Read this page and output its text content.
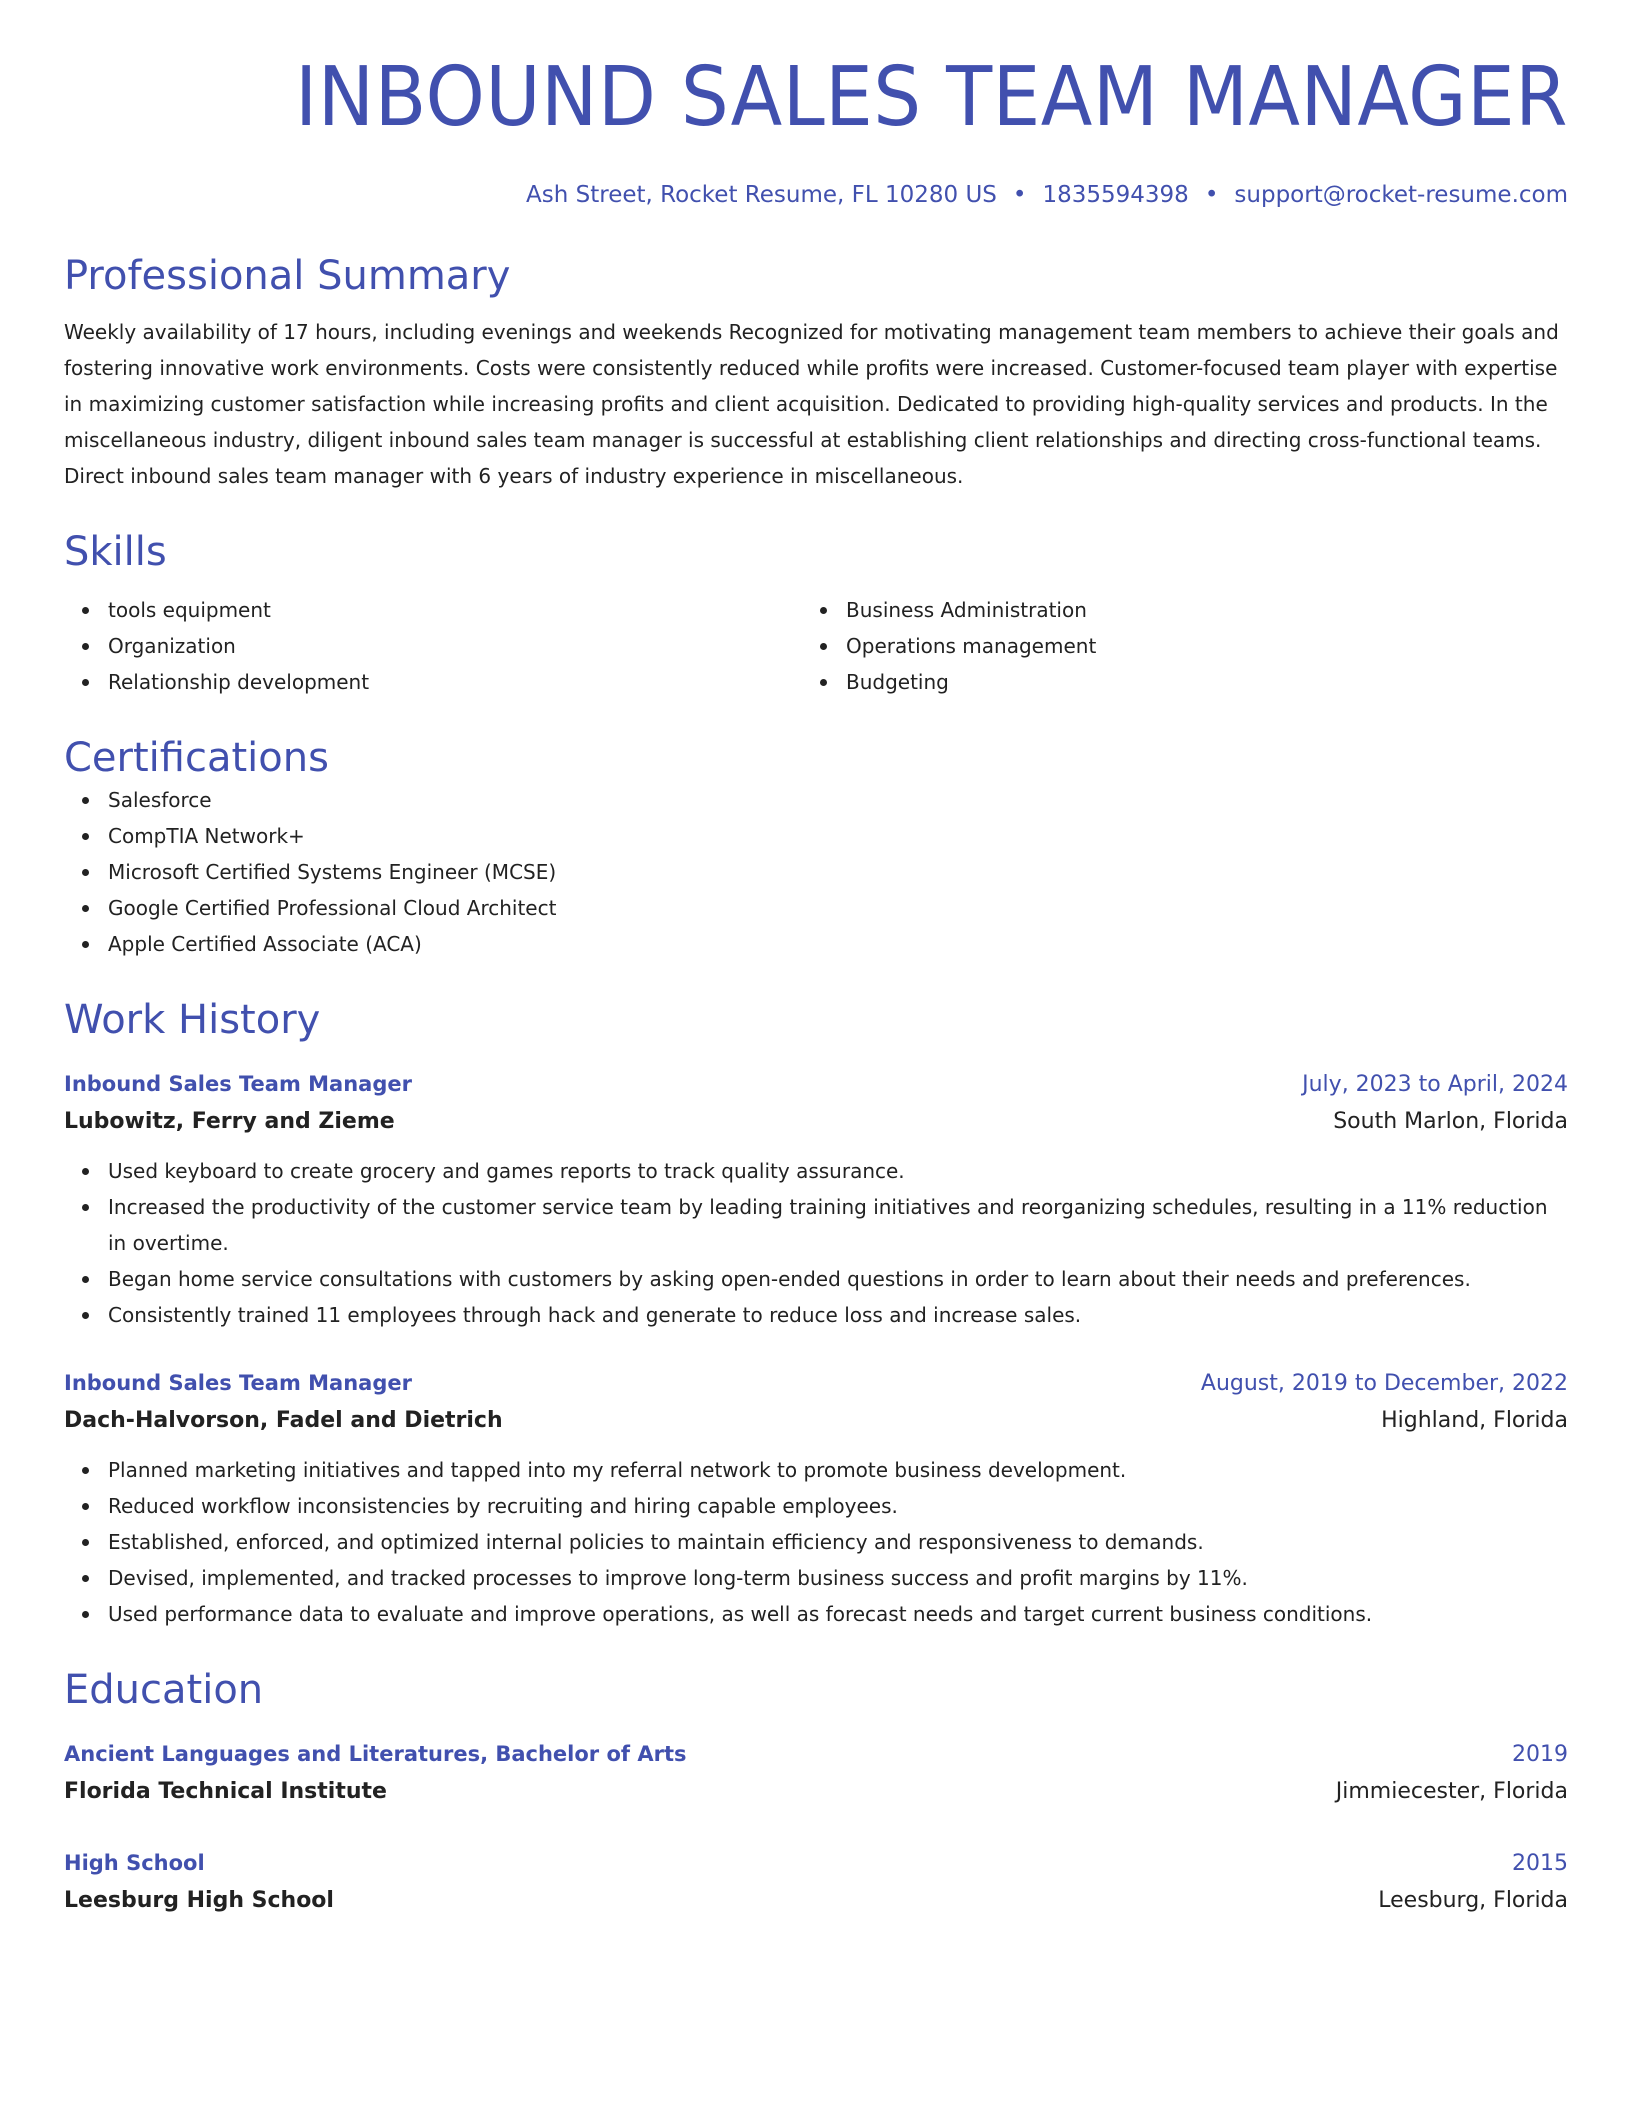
INBOUND SALES TEAM MANAGER
Ash Street, Rocket Resume, FL 10280 US • 1835594398 • support@rocket-resume.com
Professional Summary
Weekly availability of 17 hours, including evenings and weekends Recognized for motivating management team members to achieve their goals and fostering innovative work environments. Costs were consistently reduced while profits were increased. Customer-focused team player with expertise in maximizing customer satisfaction while increasing profits and client acquisition. Dedicated to providing high-quality services and products. In the miscellaneous industry, diligent inbound sales team manager is successful at establishing client relationships and directing cross-functional teams. Direct inbound sales team manager with 6 years of industry experience in miscellaneous.
Skills
tools equipment
Organization
Relationship development
Business Administration
Operations management
Budgeting
Certifications
Salesforce
CompTIA Network+
Microsoft Certified Systems Engineer (MCSE)
Google Certified Professional Cloud Architect
Apple Certified Associate (ACA)
Work History
Inbound Sales Team Manager	July, 2023 to April, 2024
Lubowitz, Ferry and Zieme	South Marlon, Florida
Used keyboard to create grocery and games reports to track quality assurance.
Increased the productivity of the customer service team by leading training initiatives and reorganizing schedules, resulting in a 11% reduction in overtime.
Began home service consultations with customers by asking open-ended questions in order to learn about their needs and preferences.
Consistently trained 11 employees through hack and generate to reduce loss and increase sales.
Inbound Sales Team Manager	August, 2019 to December, 2022
Dach-Halvorson, Fadel and Dietrich	Highland, Florida
Planned marketing initiatives and tapped into my referral network to promote business development.
Reduced workflow inconsistencies by recruiting and hiring capable employees.
Established, enforced, and optimized internal policies to maintain efficiency and responsiveness to demands.
Devised, implemented, and tracked processes to improve long-term business success and profit margins by 11%.
Used performance data to evaluate and improve operations, as well as forecast needs and target current business conditions.
Education
Ancient Languages and Literatures, Bachelor of Arts	2019
Florida Technical Institute	Jimmiecester, Florida
High School	2015
Leesburg High School	Leesburg, Florida
